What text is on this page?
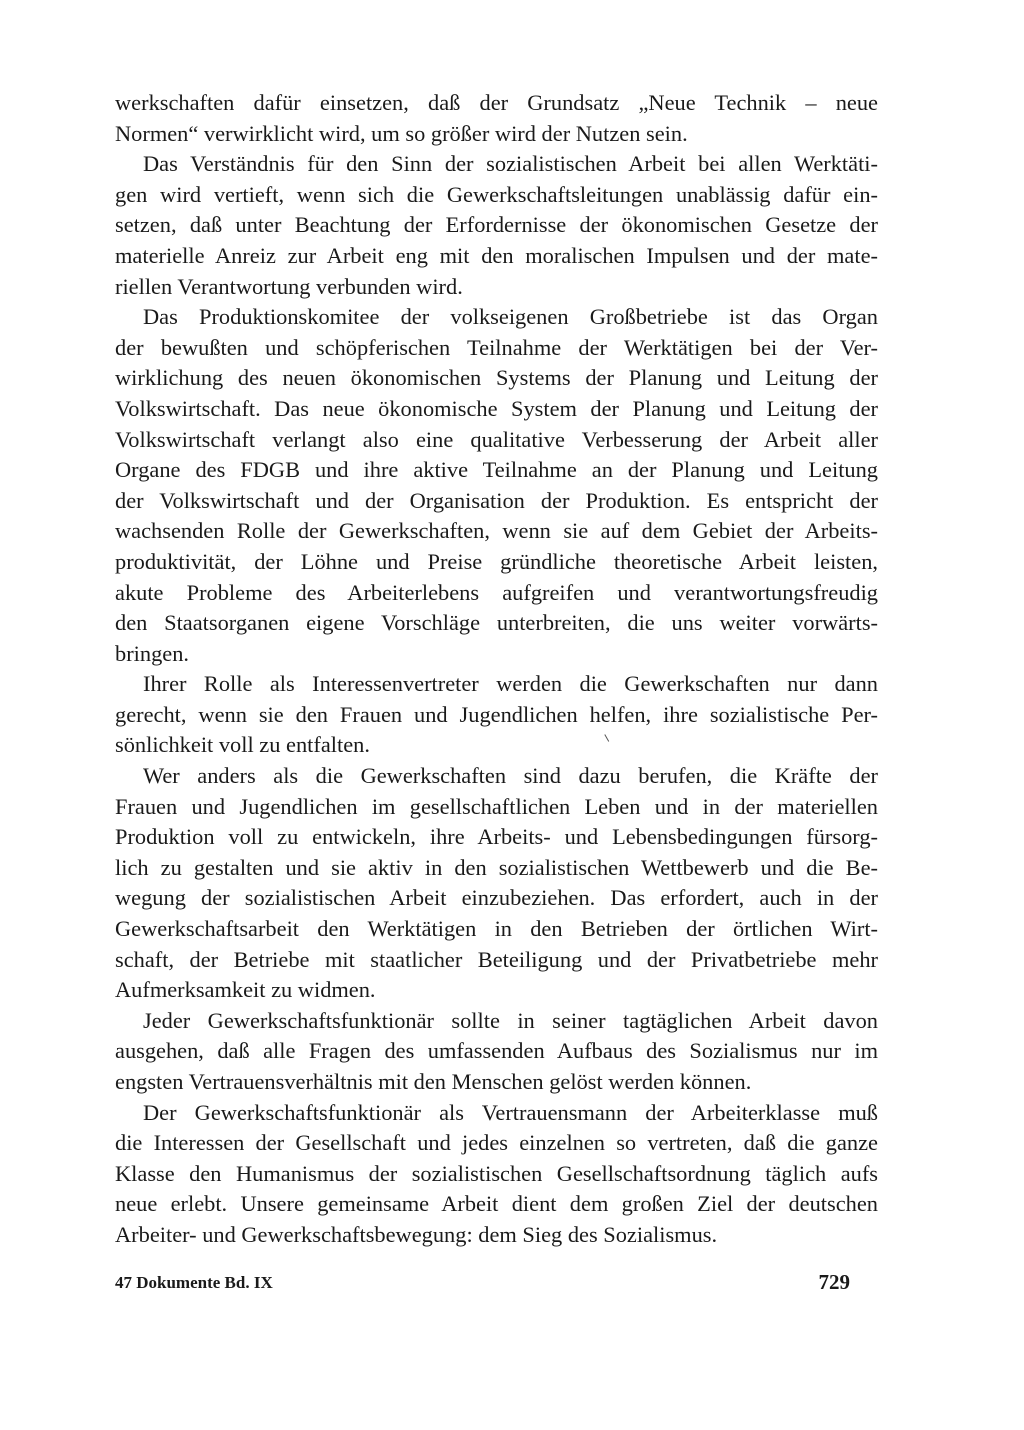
werkschaften dafür einsetzen, daß der Grundsatz „Neue Technik – neue
Normen“ verwirklicht wird, um so größer wird der Nutzen sein.
Das Verständnis für den Sinn der sozialistischen Arbeit bei allen Werktäti-
gen wird vertieft, wenn sich die Gewerkschaftsleitungen unablässig dafür ein-
setzen, daß unter Beachtung der Erfordernisse der ökonomischen Gesetze der
materielle Anreiz zur Arbeit eng mit den moralischen Impulsen und der mate-
riellen Verantwortung verbunden wird.
Das Produktionskomitee der volkseigenen Großbetriebe ist das Organ
der bewußten und schöpferischen Teilnahme der Werktätigen bei der Ver-
wirklichung des neuen ökonomischen Systems der Planung und Leitung der
Volkswirtschaft. Das neue ökonomische System der Planung und Leitung der
Volkswirtschaft verlangt also eine qualitative Verbesserung der Arbeit aller
Organe des FDGB und ihre aktive Teilnahme an der Planung und Leitung
der Volkswirtschaft und der Organisation der Produktion. Es entspricht der
wachsenden Rolle der Gewerkschaften, wenn sie auf dem Gebiet der Arbeits-
produktivität, der Löhne und Preise gründliche theoretische Arbeit leisten,
akute Probleme des Arbeiterlebens aufgreifen und verantwortungsfreudig
den Staatsorganen eigene Vorschläge unterbreiten, die uns weiter vorwärts-
bringen.
Ihrer Rolle als Interessenvertreter werden die Gewerkschaften nur dann
gerecht, wenn sie den Frauen und Jugendlichen helfen, ihre sozialistische Per-
sönlichkeit voll zu entfalten.
Wer anders als die Gewerkschaften sind dazu berufen, die Kräfte der
Frauen und Jugendlichen im gesellschaftlichen Leben und in der materiellen
Produktion voll zu entwickeln, ihre Arbeits- und Lebensbedingungen fürsorg-
lich zu gestalten und sie aktiv in den sozialistischen Wettbewerb und die Be-
wegung der sozialistischen Arbeit einzubeziehen. Das erfordert, auch in der
Gewerkschaftsarbeit den Werktätigen in den Betrieben der örtlichen Wirt-
schaft, der Betriebe mit staatlicher Beteiligung und der Privatbetriebe mehr
Aufmerksamkeit zu widmen.
Jeder Gewerkschaftsfunktionär sollte in seiner tagtäglichen Arbeit davon
ausgehen, daß alle Fragen des umfassenden Aufbaus des Sozialismus nur im
engsten Vertrauensverhältnis mit den Menschen gelöst werden können.
Der Gewerkschaftsfunktionär als Vertrauensmann der Arbeiterklasse muß
die Interessen der Gesellschaft und jedes einzelnen so vertreten, daß die ganze
Klasse den Humanismus der sozialistischen Gesellschaftsordnung täglich aufs
neue erlebt. Unsere gemeinsame Arbeit dient dem großen Ziel der deutschen
Arbeiter- und Gewerkschaftsbewegung: dem Sieg des Sozialismus.
47 Dokumente Bd. IX	729
